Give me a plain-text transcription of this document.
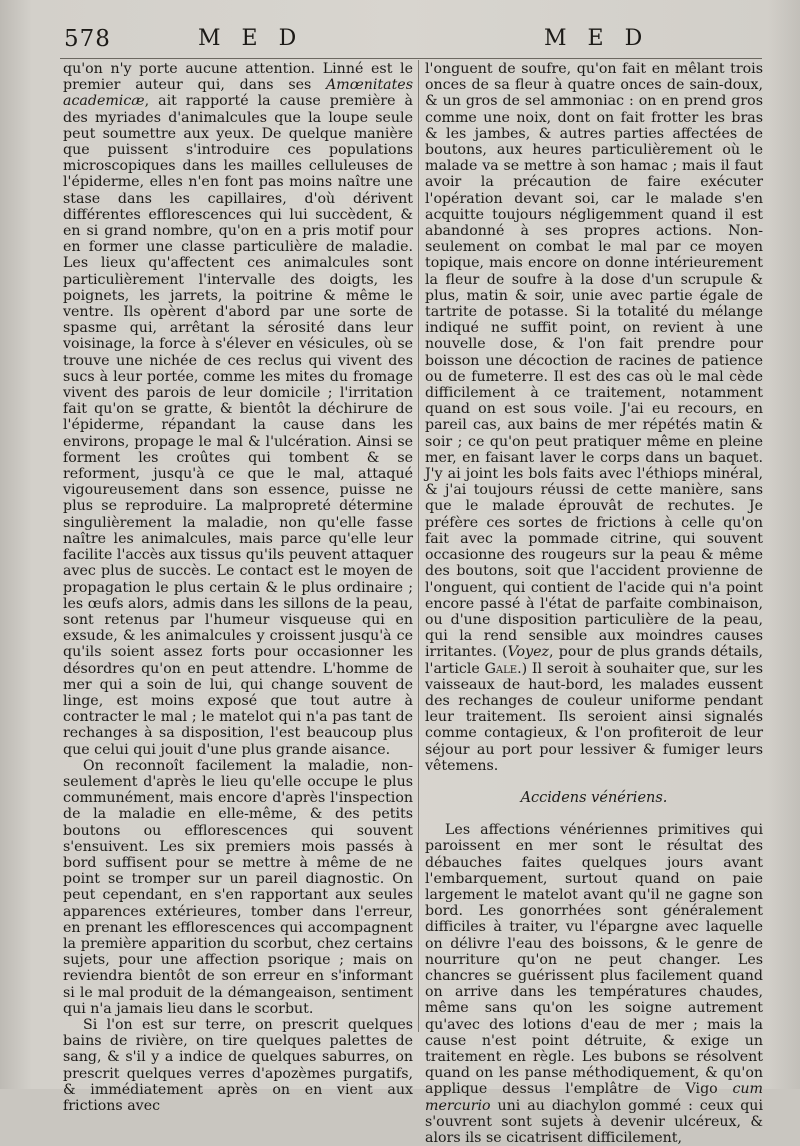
578	M E D	M E D

qu'on n'y porte aucune attention. Linné est le premier auteur qui, dans ses Amœnitates academicæ, ait rapporté la cause première à des myriades d'animalcules que la loupe seule peut soumettre aux yeux. De quelque manière que puissent s'introduire ces populations microscopiques dans les mailles celluleuses de l'épiderme, elles n'en font pas moins naître une stase dans les capillaires, d'où dérivent différentes efflorescences qui lui succèdent, & en si grand nombre, qu'on en a pris motif pour en former une classe particulière de maladie. Les lieux qu'affectent ces animalcules sont particulièrement l'intervalle des doigts, les poignets, les jarrets, la poitrine & même le ventre. Ils opèrent d'abord par une sorte de spasme qui, arrêtant la sérosité dans leur voisinage, la force à s'élever en vésicules, où se trouve une nichée de ces reclus qui vivent des sucs à leur portée, comme les mites du fromage vivent des parois de leur domicile ; l'irritation fait qu'on se gratte, & bientôt la déchirure de l'épiderme, répandant la cause dans les environs, propage le mal & l'ulcération. Ainsi se forment les croûtes qui tombent & se reforment, jusqu'à ce que le mal, attaqué vigoureusement dans son essence, puisse ne plus se reproduire. La malpropreté détermine singulièrement la maladie, non qu'elle fasse naître les animalcules, mais parce qu'elle leur facilite l'accès aux tissus qu'ils peuvent attaquer avec plus de succès. Le contact est le moyen de propagation le plus certain & le plus ordinaire ; les œufs alors, admis dans les sillons de la peau, sont retenus par l'humeur visqueuse qui en exsude, & les animalcules y croissent jusqu'à ce qu'ils soient assez forts pour occasionner les désordres qu'on en peut attendre. L'homme de mer qui a soin de lui, qui change souvent de linge, est moins exposé que tout autre à contracter le mal ; le matelot qui n'a pas tant de rechanges à sa disposition, l'est beaucoup plus que celui qui jouit d'une plus grande aisance.

On reconnoît facilement la maladie, non-seulement d'après le lieu qu'elle occupe le plus communément, mais encore d'après l'inspection de la maladie en elle-même, & des petits boutons ou efflorescences qui souvent s'ensuivent. Les six premiers mois passés à bord suffisent pour se mettre à même de ne point se tromper sur un pareil diagnostic. On peut cependant, en s'en rapportant aux seules apparences extérieures, tomber dans l'erreur, en prenant les efflorescences qui accompagnent la première apparition du scorbut, chez certains sujets, pour une affection psorique ; mais on reviendra bientôt de son erreur en s'informant si le mal produit de la démangeaison, sentiment qui n'a jamais lieu dans le scorbut.

Si l'on est sur terre, on prescrit quelques bains de rivière, on tire quelques palettes de sang, & s'il y a indice de quelques saburres, on prescrit quelques verres d'apozèmes purgatifs, & immédiatement après on en vient aux frictions avec

l'onguent de soufre, qu'on fait en mêlant trois onces de sa fleur à quatre onces de sain-doux, & un gros de sel ammoniac : on en prend gros comme une noix, dont on fait frotter les bras & les jambes, & autres parties affectées de boutons, aux heures particulièrement où le malade va se mettre à son hamac ; mais il faut avoir la précaution de faire exécuter l'opération devant soi, car le malade s'en acquitte toujours négligemment quand il est abandonné à ses propres actions. Non-seulement on combat le mal par ce moyen topique, mais encore on donne intérieurement la fleur de soufre à la dose d'un scrupule & plus, matin & soir, unie avec partie égale de tartrite de potasse. Si la totalité du mélange indiqué ne suffit point, on revient à une nouvelle dose, & l'on fait prendre pour boisson une décoction de racines de patience ou de fumeterre. Il est des cas où le mal cède difficilement à ce traitement, notamment quand on est sous voile. J'ai eu recours, en pareil cas, aux bains de mer répétés matin & soir ; ce qu'on peut pratiquer même en pleine mer, en faisant laver le corps dans un baquet. J'y ai joint les bols faits avec l'éthiops minéral, & j'ai toujours réussi de cette manière, sans que le malade éprouvât de rechutes. Je préfère ces sortes de frictions à celle qu'on fait avec la pommade citrine, qui souvent occasionne des rougeurs sur la peau & même des boutons, soit que l'accident provienne de l'onguent, qui contient de l'acide qui n'a point encore passé à l'état de parfaite combinaison, ou d'une disposition particulière de la peau, qui la rend sensible aux moindres causes irritantes. (Voyez, pour de plus grands détails, l'article Gale.) Il seroit à souhaiter que, sur les vaisseaux de haut-bord, les malades eussent des rechanges de couleur uniforme pendant leur traitement. Ils seroient ainsi signalés comme contagieux, & l'on profiteroit de leur séjour au port pour lessiver & fumiger leurs vêtemens.

Accidens vénériens.

Les affections vénériennes primitives qui paroissent en mer sont le résultat des débauches faites quelques jours avant l'embarquement, surtout quand on paie largement le matelot avant qu'il ne gagne son bord. Les gonorrhées sont généralement difficiles à traiter, vu l'épargne avec laquelle on délivre l'eau des boissons, & le genre de nourriture qu'on ne peut changer. Les chancres se guérissent plus facilement quand on arrive dans les températures chaudes, même sans qu'on les soigne autrement qu'avec des lotions d'eau de mer ; mais la cause n'est point détruite, & exige un traitement en règle. Les bubons se résolvent quand on les panse méthodiquement, & qu'on applique dessus l'emplâtre de Vigo cum mercurio uni au diachylon gommé : ceux qui s'ouvrent sont sujets à devenir ulcéreux, & alors ils se cicatrisent difficilement,
